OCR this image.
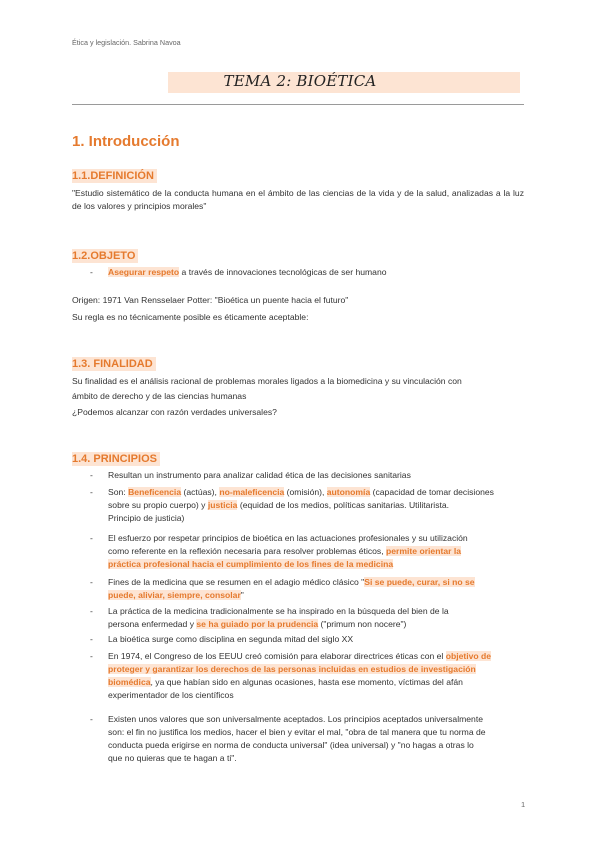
Ética y legislación. Sabrina Navoa
TEMA 2: BIOÉTICA
1. Introducción
1.1.DEFINICIÓN
"Estudio sistemático de la conducta humana en el ámbito de las ciencias de la vida y de la salud, analizadas a la luz de los valores y principios morales"
1.2.OBJETO
- Asegurar respeto a través de innovaciones tecnológicas de ser humano
Origen: 1971 Van Rensselaer Potter: "Bioética un puente hacia el futuro"
Su regla es no técnicamente posible es éticamente aceptable:
1.3. FINALIDAD
Su finalidad es el análisis racional de problemas morales ligados a la biomedicina y su vinculación con
ámbito de derecho y de las ciencias humanas
¿Podemos alcanzar con razón verdades universales?
1.4. PRINCIPIOS
- Resultan un instrumento para analizar calidad ética de las decisiones sanitarias
- Son: Beneficencia (actúas), no-maleficencia (omisión), autonomía (capacidad de tomar decisiones
sobre su propio cuerpo) y justicia (equidad de los medios, políticas sanitarias. Utilitarista.
Principio de justicia)
- El esfuerzo por respetar principios de bioética en las actuaciones profesionales y su utilización
como referente en la reflexión necesaria para resolver problemas éticos, permite orientar la
práctica profesional hacia el cumplimiento de los fines de la medicina
- Fines de la medicina que se resumen en el adagio médico clásico "Si se puede, curar, si no se
puede, aliviar, siempre, consolar"
- La práctica de la medicina tradicionalmente se ha inspirado en la búsqueda del bien de la
persona enfermedad y se ha guiado por la prudencia ("primum non nocere")
- La bioética surge como disciplina en segunda mitad del siglo XX
- En 1974, el Congreso de los EEUU creó comisión para elaborar directrices éticas con el objetivo de
proteger y garantizar los derechos de las personas incluidas en estudios de investigación
biomédica, ya que habían sido en algunas ocasiones, hasta ese momento, víctimas del afán
experimentador de los científicos
- Existen unos valores que son universalmente aceptados. Los principios aceptados universalmente
son: el fin no justifica los medios, hacer el bien y evitar el mal, "obra de tal manera que tu norma de
conducta pueda erigirse en norma de conducta universal" (idea universal) y "no hagas a otras lo
que no quieras que te hagan a ti".
1
